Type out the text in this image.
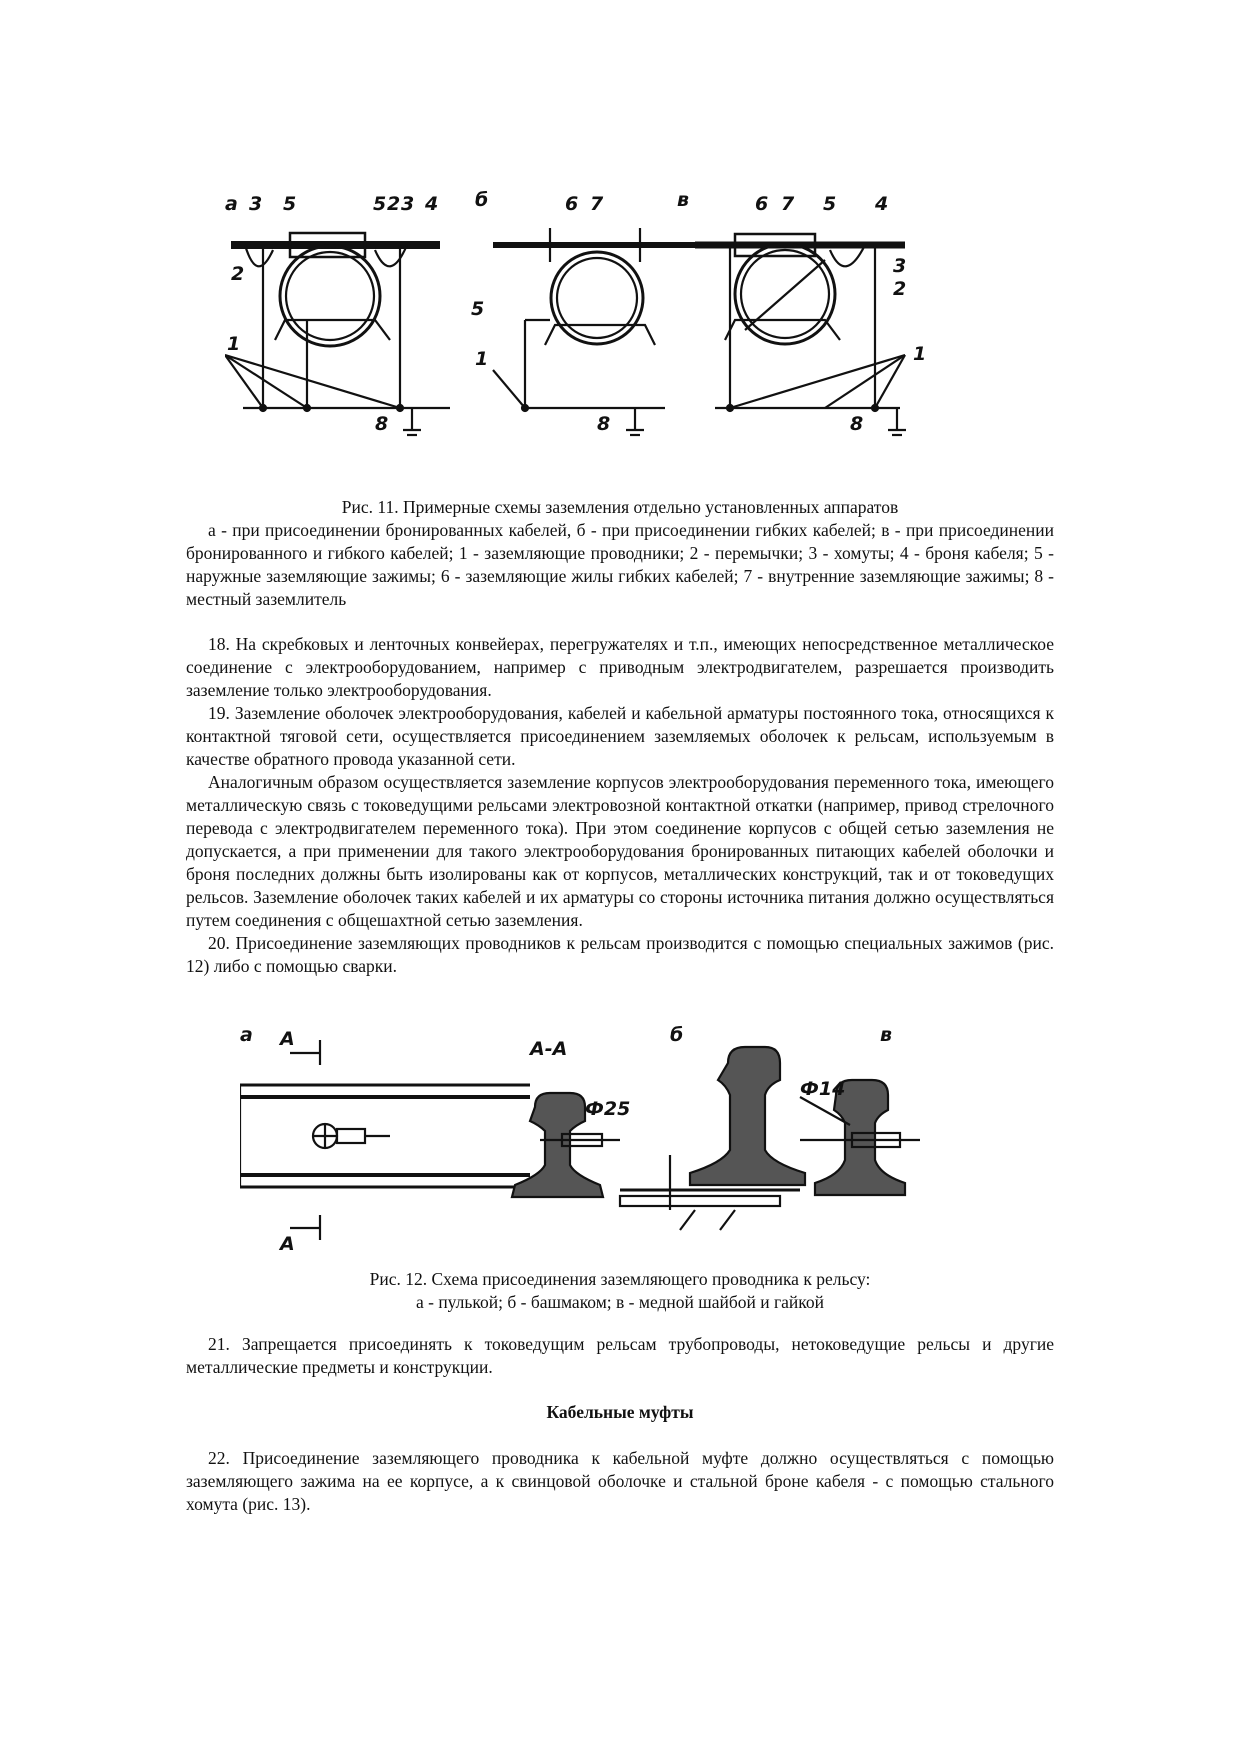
а 3 5	5 2 3 4
2
1
8
б	6 7
5
1
8
в	6 7 5 4
3
2
1
8
Рис. 11. Примерные схемы заземления отдельно установленных аппаратов
а - при присоединении бронированных кабелей, б - при присоединении гибких кабелей; в - при присоединении бронированного и гибкого кабелей; 1 - заземляющие проводники; 2 - перемычки; 3 - хомуты; 4 - броня кабеля; 5 - наружные заземляющие зажимы; 6 - заземляющие жилы гибких кабелей; 7 - внутренние заземляющие зажимы; 8 - местный заземлитель

18. На скребковых и ленточных конвейерах, перегружателях и т.п., имеющих непосредственное металлическое соединение с электрооборудованием, например с приводным электродвигателем, разрешается производить заземление только электрооборудования.

19. Заземление оболочек электрооборудования, кабелей и кабельной арматуры постоянного тока, относящихся к контактной тяговой сети, осуществляется присоединением заземляемых оболочек к рельсам, используемым в качестве обратного провода указанной сети.

Аналогичным образом осуществляется заземление корпусов электрооборудования переменного тока, имеющего металлическую связь с токоведущими рельсами электровозной контактной откатки (например, привод стрелочного перевода с электродвигателем переменного тока). При этом соединение корпусов с общей сетью заземления не допускается, а при применении для такого электрооборудования бронированных питающих кабелей оболочки и броня последних должны быть изолированы как от корпусов, металлических конструкций, так и от токоведущих рельсов. Заземление оболочек таких кабелей и их арматуры со стороны источника питания должно осуществляться путем соединения с общешахтной сетью заземления.

20. Присоединение заземляющих проводников к рельсам производится с помощью специальных зажимов (рис. 12) либо с помощью сварки.

а А
А
А-А
Ф25
б	в
Ф14
Рис. 12. Схема присоединения заземляющего проводника к рельсу:
а - пулькой; б - башмаком; в - медной шайбой и гайкой

21. Запрещается присоединять к токоведущим рельсам трубопроводы, нетоковедущие рельсы и другие металлические предметы и конструкции.

Кабельные муфты

22. Присоединение заземляющего проводника к кабельной муфте должно осуществляться с помощью заземляющего зажима на ее корпусе, а к свинцовой оболочке и стальной броне кабеля - с помощью стального хомута (рис. 13).
